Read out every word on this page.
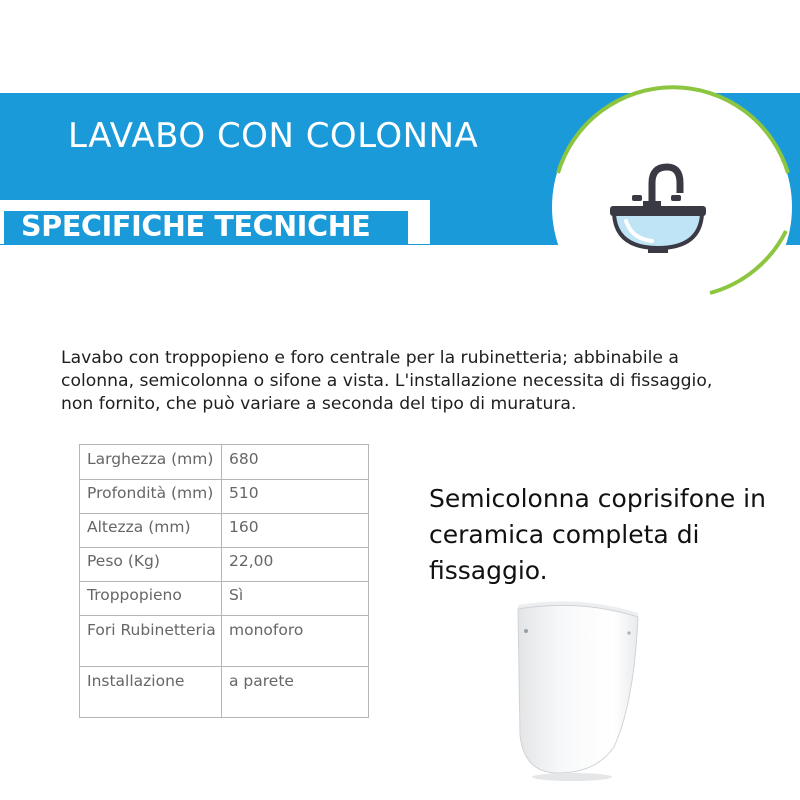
LAVABO CON COLONNA
SPECIFICHE TECNICHE
Lavabo con troppopieno e foro centrale per la rubinetteria; abbinabile a colonna, semicolonna o sifone a vista. L'installazione necessita di fissaggio, non fornito, che può variare a seconda del tipo di muratura.
Larghezza (mm)	680
Profondità (mm)	510
Altezza (mm)	160
Peso (Kg)	22,00
Troppopieno	Sì
Fori Rubinetteria	monoforo
Installazione	a parete
Semicolonna coprisifone in ceramica completa di fissaggio.
